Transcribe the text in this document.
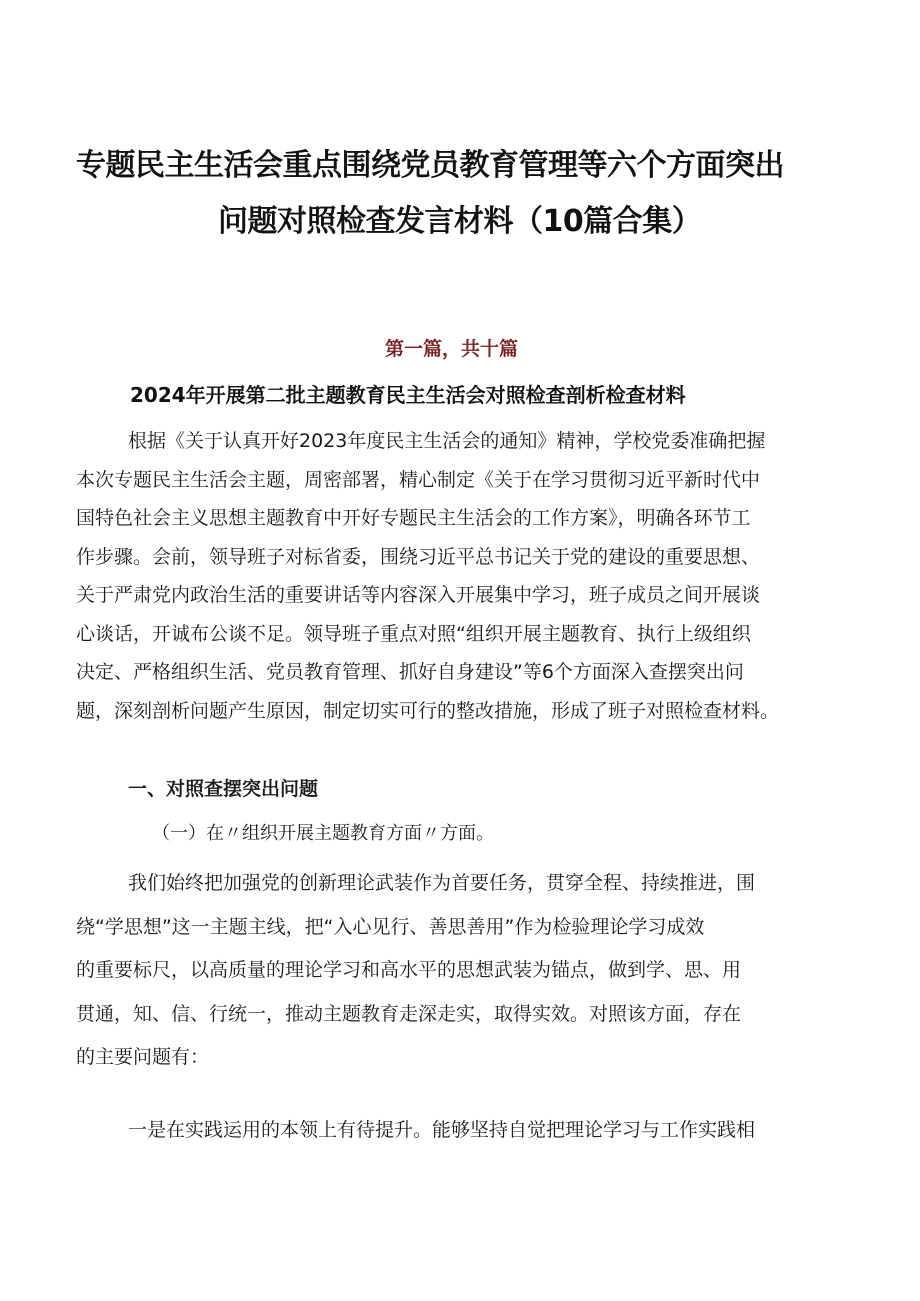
专题民主生活会重点围绕党员教育管理等六个方面突出
问题对照检查发言材料（10篇合集）
第一篇，共十篇
2024年开展第二批主题教育民主生活会对照检查剖析检查材料
根据《关于认真开好2023年度民主生活会的通知》精神，学校党委准确把握
本次专题民主生活会主题，周密部署，精心制定《关于在学习贯彻习近平新时代中
国特色社会主义思想主题教育中开好专题民主生活会的工作方案》，明确各环节工
作步骤。会前，领导班子对标省委，围绕习近平总书记关于党的建设的重要思想、
关于严肃党内政治生活的重要讲话等内容深入开展集中学习，班子成员之间开展谈
心谈话，开诚布公谈不足。领导班子重点对照“组织开展主题教育、执行上级组织
决定、严格组织生活、党员教育管理、抓好自身建设”等6个方面深入查摆突出问
题，深刻剖析问题产生原因，制定切实可行的整改措施，形成了班子对照检查材料。
一、对照查摆突出问题
（一）在〃组织开展主题教育方面〃方面。
我们始终把加强党的创新理论武装作为首要任务，贯穿全程、持续推进，围
绕“学思想”这一主题主线，把“入心见行、善思善用”作为检验理论学习成效
的重要标尺，以高质量的理论学习和高水平的思想武装为锚点，做到学、思、用
贯通，知、信、行统一，推动主题教育走深走实，取得实效。对照该方面，存在
的主要问题有：
一是在实践运用的本领上有待提升。能够坚持自觉把理论学习与工作实践相
